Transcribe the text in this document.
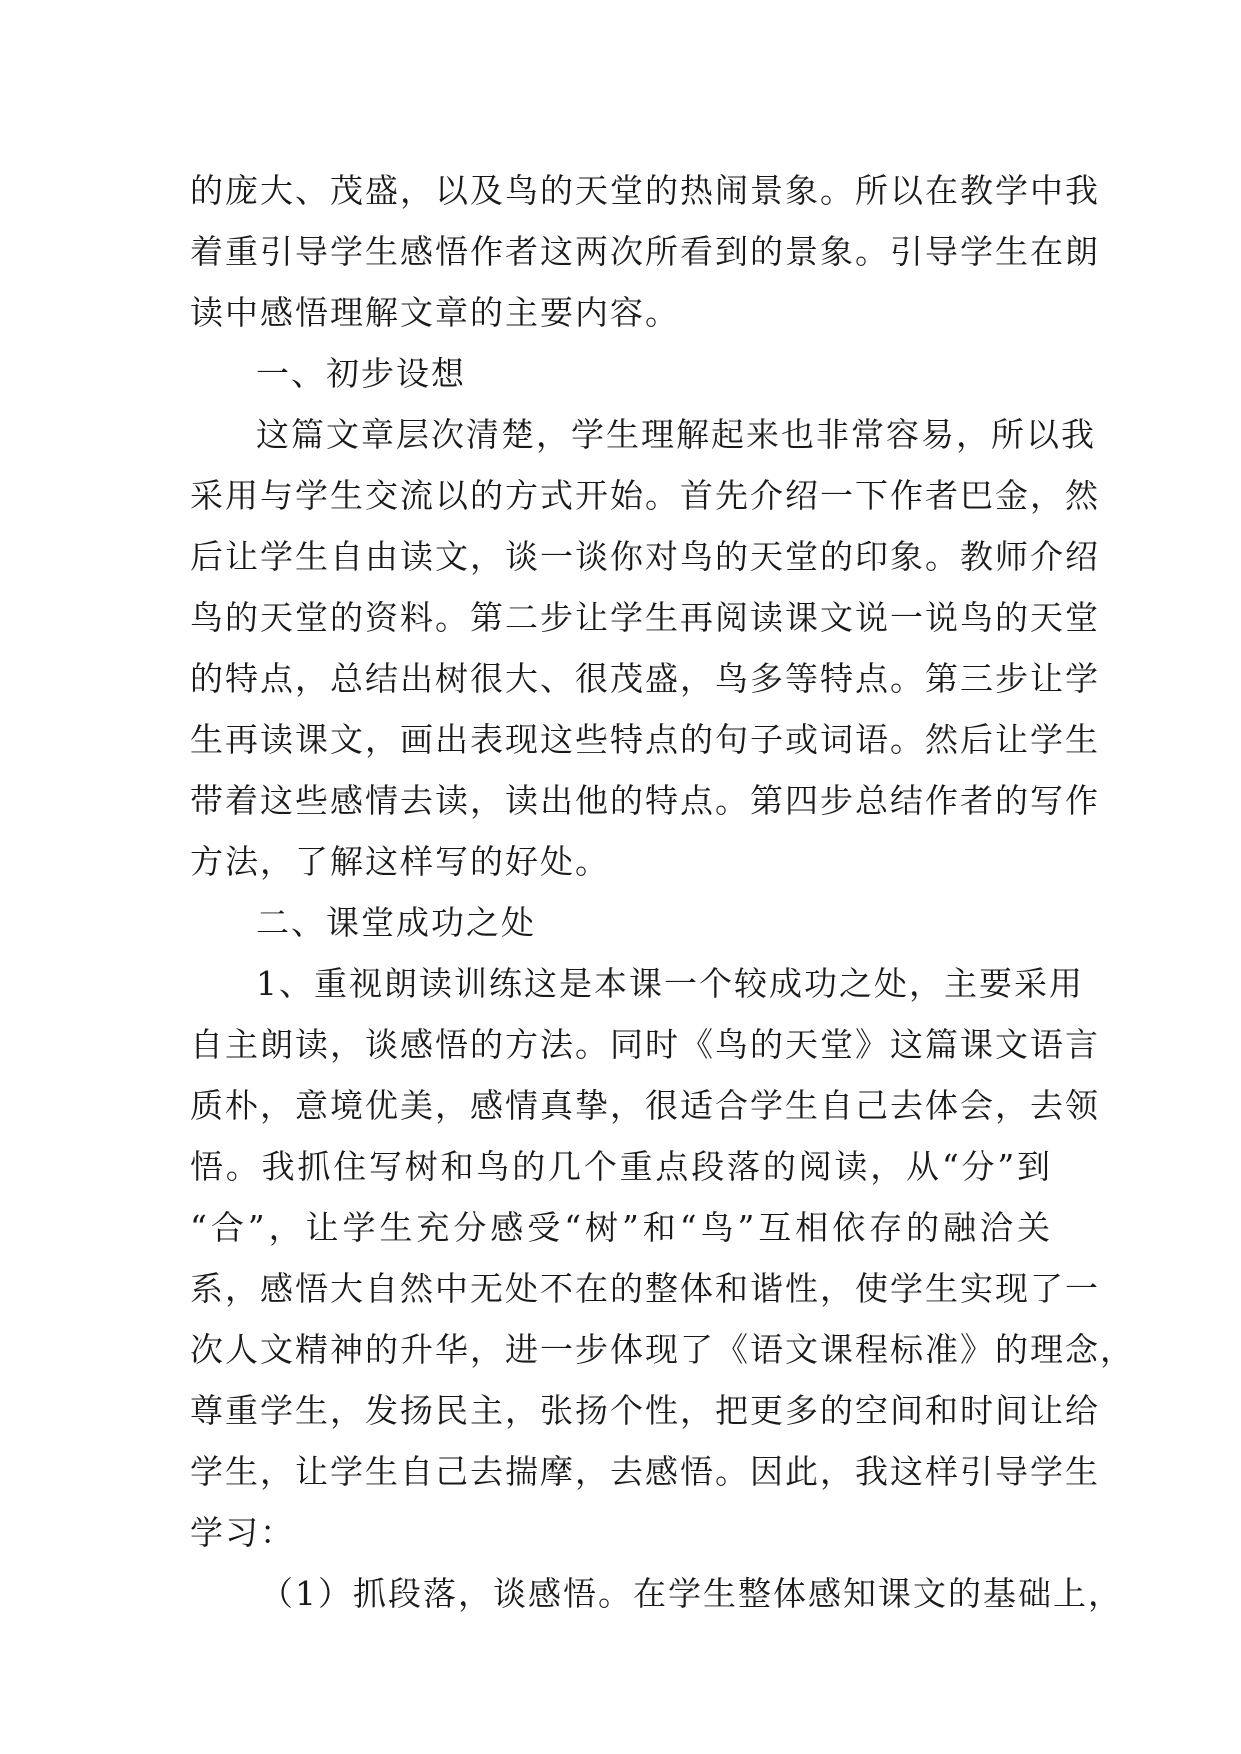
的庞大、茂盛，以及鸟的天堂的热闹景象。所以在教学中我
着重引导学生感悟作者这两次所看到的景象。引导学生在朗
读中感悟理解文章的主要内容。
一、初步设想
这篇文章层次清楚，学生理解起来也非常容易，所以我
采用与学生交流以的方式开始。首先介绍一下作者巴金，然
后让学生自由读文，谈一谈你对鸟的天堂的印象。教师介绍
鸟的天堂的资料。第二步让学生再阅读课文说一说鸟的天堂
的特点，总结出树很大、很茂盛，鸟多等特点。第三步让学
生再读课文，画出表现这些特点的句子或词语。然后让学生
带着这些感情去读，读出他的特点。第四步总结作者的写作
方法，了解这样写的好处。
二、课堂成功之处
1、重视朗读训练这是本课一个较成功之处，主要采用
自主朗读，谈感悟的方法。同时《鸟的天堂》这篇课文语言
质朴，意境优美，感情真挚，很适合学生自己去体会，去领
悟。我抓住写树和鸟的几个重点段落的阅读，从“分”到
“合”，让学生充分感受“树”和“鸟”互相依存的融洽关
系，感悟大自然中无处不在的整体和谐性，使学生实现了一
次人文精神的升华，进一步体现了《语文课程标准》的理念，
尊重学生，发扬民主，张扬个性，把更多的空间和时间让给
学生，让学生自己去揣摩，去感悟。因此，我这样引导学生
学习：
（1）抓段落，谈感悟。在学生整体感知课文的基础上，
